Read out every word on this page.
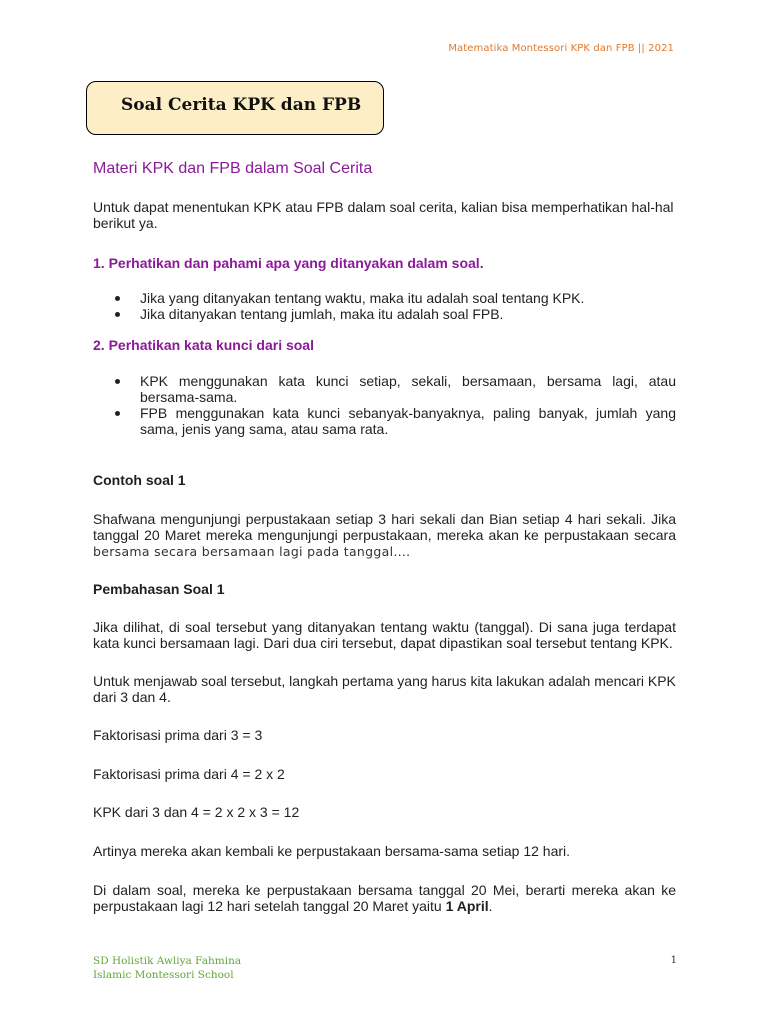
Matematika Montessori KPK dan FPB || 2021
Soal Cerita KPK dan FPB
Materi KPK dan FPB dalam Soal Cerita
Untuk dapat menentukan KPK atau FPB dalam soal cerita, kalian bisa memperhatikan hal-hal berikut ya.
1. Perhatikan dan pahami apa yang ditanyakan dalam soal.
Jika yang ditanyakan tentang waktu, maka itu adalah soal tentang KPK.
Jika ditanyakan tentang jumlah, maka itu adalah soal FPB.
2. Perhatikan kata kunci dari soal
KPK menggunakan kata kunci setiap, sekali, bersamaan, bersama lagi, atau bersama-sama.
FPB menggunakan kata kunci sebanyak-banyaknya, paling banyak, jumlah yang sama, jenis yang sama, atau sama rata.
Contoh soal 1
Shafwana mengunjungi perpustakaan setiap 3 hari sekali dan Bian setiap 4 hari sekali. Jika tanggal 20 Maret mereka mengunjungi perpustakaan, mereka akan ke perpustakaan secara bersama secara bersamaan lagi pada tanggal….
Pembahasan Soal 1
Jika dilihat, di soal tersebut yang ditanyakan tentang waktu (tanggal). Di sana juga terdapat kata kunci bersamaan lagi. Dari dua ciri tersebut, dapat dipastikan soal tersebut tentang KPK.
Untuk menjawab soal tersebut, langkah pertama yang harus kita lakukan adalah mencari KPK dari 3 dan 4.
Faktorisasi prima dari 3 = 3
Faktorisasi prima dari 4 = 2 x 2
KPK dari 3 dan 4 = 2 x 2 x 3 = 12
Artinya mereka akan kembali ke perpustakaan bersama-sama setiap 12 hari.
Di dalam soal, mereka ke perpustakaan bersama tanggal 20 Mei, berarti mereka akan ke perpustakaan lagi 12 hari setelah tanggal 20 Maret yaitu 1 April.
SD Holistik Awliya Fahmina
Islamic Montessori School
1
